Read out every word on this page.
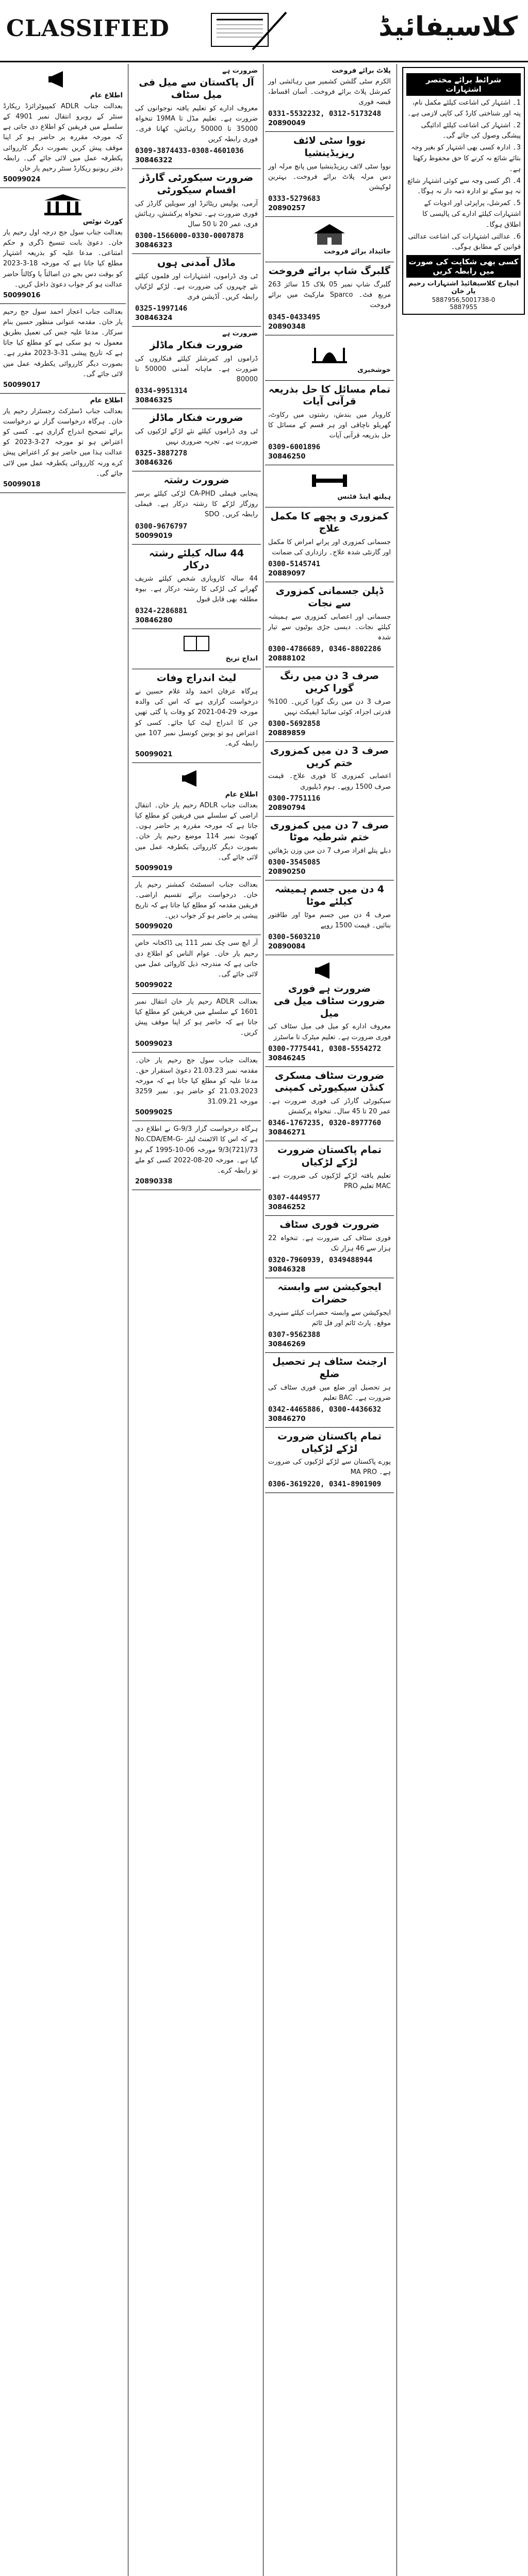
CLASSIFIED	کلاسیفائیڈ
اطلاع عام

بعدالت جناب ADLR کمپیوٹرائزڈ ریکارڈ سنٹر کے روبرو انتقال نمبر 4901 کے سلسلے میں فریقین کو اطلاع دی جاتی ہے کہ مورخہ مقررہ پر حاضر ہو کر اپنا موقف پیش کریں بصورت دیگر کارروائی یکطرفہ عمل میں لائی جائے گی۔ رابطہ دفتر ریونیو ریکارڈ سنٹر رحیم یار خان

50099024
کورٹ نوٹس

بعدالت جناب سول جج درجہ اول رحیم یار خان۔ دعویٰ بابت تنسیخ ڈگری و حکم امتناعی۔ مدعا علیہ کو بذریعہ اشتہار مطلع کیا جاتا ہے کہ مورخہ 18-3-2023 کو بوقت دس بجے دن اصالتاً یا وکالتاً حاضر عدالت ہو کر جواب دعویٰ داخل کریں۔

50099016

بعدالت جناب اعجاز احمد سول جج رحیم یار خان۔ مقدمہ عنوانی منظور حسین بنام سرکار۔ مدعا علیہ جس کی تعمیل بطریق معمول نہ ہو سکی ہے کو مطلع کیا جاتا ہے کہ تاریخ پیشی 31-3-2023 مقرر ہے۔ بصورت دیگر کارروائی یکطرفہ عمل میں لائی جائے گی۔

50099017
اطلاع عام

بعدالت جناب ڈسٹرکٹ رجسٹرار رحیم یار خان۔ ہرگاہ درخواست گزار نے درخواست برائے تصحیح اندراج گزاری ہے۔ کسی کو اعتراض ہو تو مورخہ 27-3-2023 کو عدالت ہذا میں حاضر ہو کر اعتراض پیش کرے ورنہ کارروائی یکطرفہ عمل میں لائی جائے گی۔

50099018
ضرورت ہے
آل پاکستان سے میل فی میل سٹاف

معروف ادارے کو تعلیم یافتہ نوجوانوں کی ضرورت ہے۔ تعلیم مڈل تا 19MA تنخواہ 35000 تا 50000 رہائش، کھانا فری۔ فوری رابطہ کریں

0309-3874433-0308-4601036
30846322
ضرورت سیکورٹی گارڈز اقسام سیکورٹی

آرمی، پولیس ریٹائرڈ اور سویلین گارڈز کی فوری ضرورت ہے۔ تنخواہ پرکشش، رہائش فری، عمر 20 تا 50 سال

0300-1566000-0330-0007878
30846323
ماڈل آمدنی ہوں

ٹی وی ڈراموں، اشتہارات اور فلموں کیلئے نئے چہروں کی ضرورت ہے۔ لڑکے لڑکیاں رابطہ کریں۔ آڈیشن فری

0325-1997146
30846324
ضرورت ہے
ضرورت فنکار ماڈلز

ڈراموں اور کمرشلز کیلئے فنکاروں کی ضرورت ہے۔ ماہانہ آمدنی 50000 تا 80000

0334-9951314
30846325
ضرورت فنکار ماڈلز

ٹی وی ڈراموں کیلئے نئے لڑکے لڑکیوں کی ضرورت ہے۔ تجربہ ضروری نہیں

0325-3887278
30846326
ضرورت رشتہ

پنجابی فیملی CA-PHD لڑکی کیلئے برسر روزگار لڑکے کا رشتہ درکار ہے۔ فیملی رابطہ کریں۔ SDO

0300-9676797
50099019
44 سالہ کیلئے رشتہ درکار

44 سالہ کاروباری شخص کیلئے شریف گھرانے کی لڑکی کا رشتہ درکار ہے۔ بیوہ مطلقہ بھی قابل قبول

0324-2286881
30846280
انداج تریخ
لیٹ اندراج وفات

ہرگاہ عرفان احمد ولد غلام حسین نے درخواست گزاری ہے کہ اس کی والدہ مورخہ 29-04-2021 کو وفات پا گئی تھیں جن کا اندراج لیٹ کیا جائے۔ کسی کو اعتراض ہو تو یونین کونسل نمبر 107 میں رابطہ کرے۔

50099021
اطلاع عام

بعدالت جناب ADLR رحیم یار خان۔ انتقال اراضی کے سلسلے میں فریقین کو مطلع کیا جاتا ہے کہ مورخہ مقررہ پر حاضر ہوں۔ کھیوٹ نمبر 114 موضع رحیم یار خان۔ بصورت دیگر کارروائی یکطرفہ عمل میں لائی جائے گی۔

50099019

بعدالت جناب اسسٹنٹ کمشنر رحیم یار خان۔ درخواست برائے تقسیم اراضی۔ فریقین مقدمہ کو مطلع کیا جاتا ہے کہ تاریخ پیشی پر حاضر ہو کر جواب دیں۔

50099020

آر ایچ سی چک نمبر 111 پی ڈاکخانہ خاص رحیم یار خان۔ عوام الناس کو اطلاع دی جاتی ہے کہ مندرجہ ذیل کاروائی عمل میں لائی جائے گی۔

50099022

بعدالت ADLR رحیم یار خان انتقال نمبر 1601 کے سلسلے میں فریقین کو مطلع کیا جاتا ہے کہ حاضر ہو کر اپنا موقف پیش کریں۔

50099023

بعدالت جناب سول جج رحیم یار خان۔ مقدمہ نمبر 21.03.23 دعویٰ استقرار حق۔ مدعا علیہ کو مطلع کیا جاتا ہے کہ مورخہ 21.03.2023 کو حاضر ہو۔ نمبر 3259 مورخہ 31.09.21

50099025

ہرگاہ درخواست گزار G-9/3 نے اطلاع دی ہے کہ اس کا الاٹمنٹ لیٹر No.CDA/EM-G-9/3(721)/73 مورخہ 06-10-1995 گم ہو گیا ہے۔ مورخہ 20-08-2022 کسی کو ملے تو رابطہ کرے۔

20890338
پلاٹ برائے فروخت

الکرم سٹی گلشن کشمیر میں رہائشی اور کمرشل پلاٹ برائے فروخت۔ آسان اقساط، قبضہ فوری

0331-5532232, 0312-5173248
20890049
نووا سٹی لائف ریزیڈینشیا

نووا سٹی لائف ریزیڈینشیا میں پانچ مرلہ اور دس مرلہ پلاٹ برائے فروخت۔ بہترین لوکیشن

0333-5279683
20890257
جائیداد برائے فروخت
گلبرگ شاپ برائے فروخت

گلبرگ شاپ نمبر 05 بلاک 15 سائز 263 مربع فٹ۔ Sparco مارکیٹ میں برائے فروخت

0345-0433495
20890348
خوشخبری
تمام مسائل کا حل بذریعہ قرآنی آیات

کاروبار میں بندش، رشتوں میں رکاوٹ، گھریلو ناچاقی اور ہر قسم کے مسائل کا حل بذریعہ قرآنی آیات

0309-6001896
30846250
ہیلتھ اینڈ فٹنس
کمزوری و پچھے کا مکمل علاج

جسمانی کمزوری اور پرانے امراض کا مکمل اور گارنٹی شدہ علاج۔ رازداری کی ضمانت

0300-5145741
20889097
ڈپلن جسمانی کمزوری سے نجات

جسمانی اور اعصابی کمزوری سے ہمیشہ کیلئے نجات۔ دیسی جڑی بوٹیوں سے تیار شدہ

0300-4786689, 0346-8802286
20888102
صرف 3 دن میں رنگ گورا کریں

صرف 3 دن میں رنگ گورا کریں۔ 100% قدرتی اجزاء، کوئی سائیڈ ایفیکٹ نہیں

0300-5692858
20889859
صرف 3 دن میں کمزوری ختم کریں

اعصابی کمزوری کا فوری علاج۔ قیمت صرف 1500 روپے۔ ہوم ڈیلیوری

0300-7751116
20890794
صرف 7 دن میں کمزوری ختم شرطیہ موٹا

دبلے پتلے افراد صرف 7 دن میں وزن بڑھائیں

0300-3545085
20890250
4 دن میں جسم ہمیشہ کیلئے موٹا

صرف 4 دن میں جسم موٹا اور طاقتور بنائیں۔ قیمت 1500 روپے

0300-5603210
20890084
ضرورت ہے فوری ضرورت سٹاف میل فی میل

معروف ادارے کو میل فی میل سٹاف کی فوری ضرورت ہے۔ تعلیم میٹرک تا ماسٹرز

0300-7775441, 0308-5554272
30846245
ضرورت سٹاف مسکری کنڈن سیکیورٹی کمپنی

سیکیورٹی گارڈز کی فوری ضرورت ہے۔ عمر 20 تا 45 سال۔ تنخواہ پرکشش

0346-1767235, 0320-8977760
30846271
تمام پاکستان ضرورت لڑکے لڑکیاں

تعلیم یافتہ لڑکے لڑکیوں کی ضرورت ہے۔ MAC تعلیم PRO

0307-4449577
30846252
ضرورت فوری سٹاف

فوری سٹاف کی ضرورت ہے۔ تنخواہ 22 ہزار سے 46 ہزار تک

0320-7960939, 0349488944
30846328
ایجوکیشن سے وابستہ حضرات

ایجوکیشن سے وابستہ حضرات کیلئے سنہری موقع۔ پارٹ ٹائم اور فل ٹائم

0307-9562388
30846269
ارجنٹ سٹاف ہر تحصیل ضلع

ہر تحصیل اور ضلع میں فوری سٹاف کی ضرورت ہے۔ BAC تعلیم

0342-4465886, 0300-4436632
30846270
تمام پاکستان ضرورت لڑکے لڑکیاں

پورے پاکستان سے لڑکے لڑکیوں کی ضرورت ہے۔ MA PRO

0306-3619220, 0341-8901909
شرائط برائے مختصر اشتہارات

1۔ اشتہار کی اشاعت کیلئے مکمل نام، پتہ اور شناختی کارڈ کی کاپی لازمی ہے۔

2۔ اشتہار کی اشاعت کیلئے ادائیگی پیشگی وصول کی جائے گی۔

3۔ ادارہ کسی بھی اشتہار کو بغیر وجہ بتائے شائع نہ کرنے کا حق محفوظ رکھتا ہے۔

4۔ اگر کسی وجہ سے کوئی اشتہار شائع نہ ہو سکے تو ادارہ ذمہ دار نہ ہوگا۔

5۔ کمرشل، پراپرٹی اور ادویات کے اشتہارات کیلئے ادارے کی پالیسی کا اطلاق ہوگا۔

6۔ عدالتی اشتہارات کی اشاعت عدالتی قوانین کے مطابق ہوگی۔

کسی بھی شکایت کی صورت میں رابطہ کریں

انچارج کلاسیفائیڈ اشتہارات رحیم یار خان

5887956,5001738-0
5887955
